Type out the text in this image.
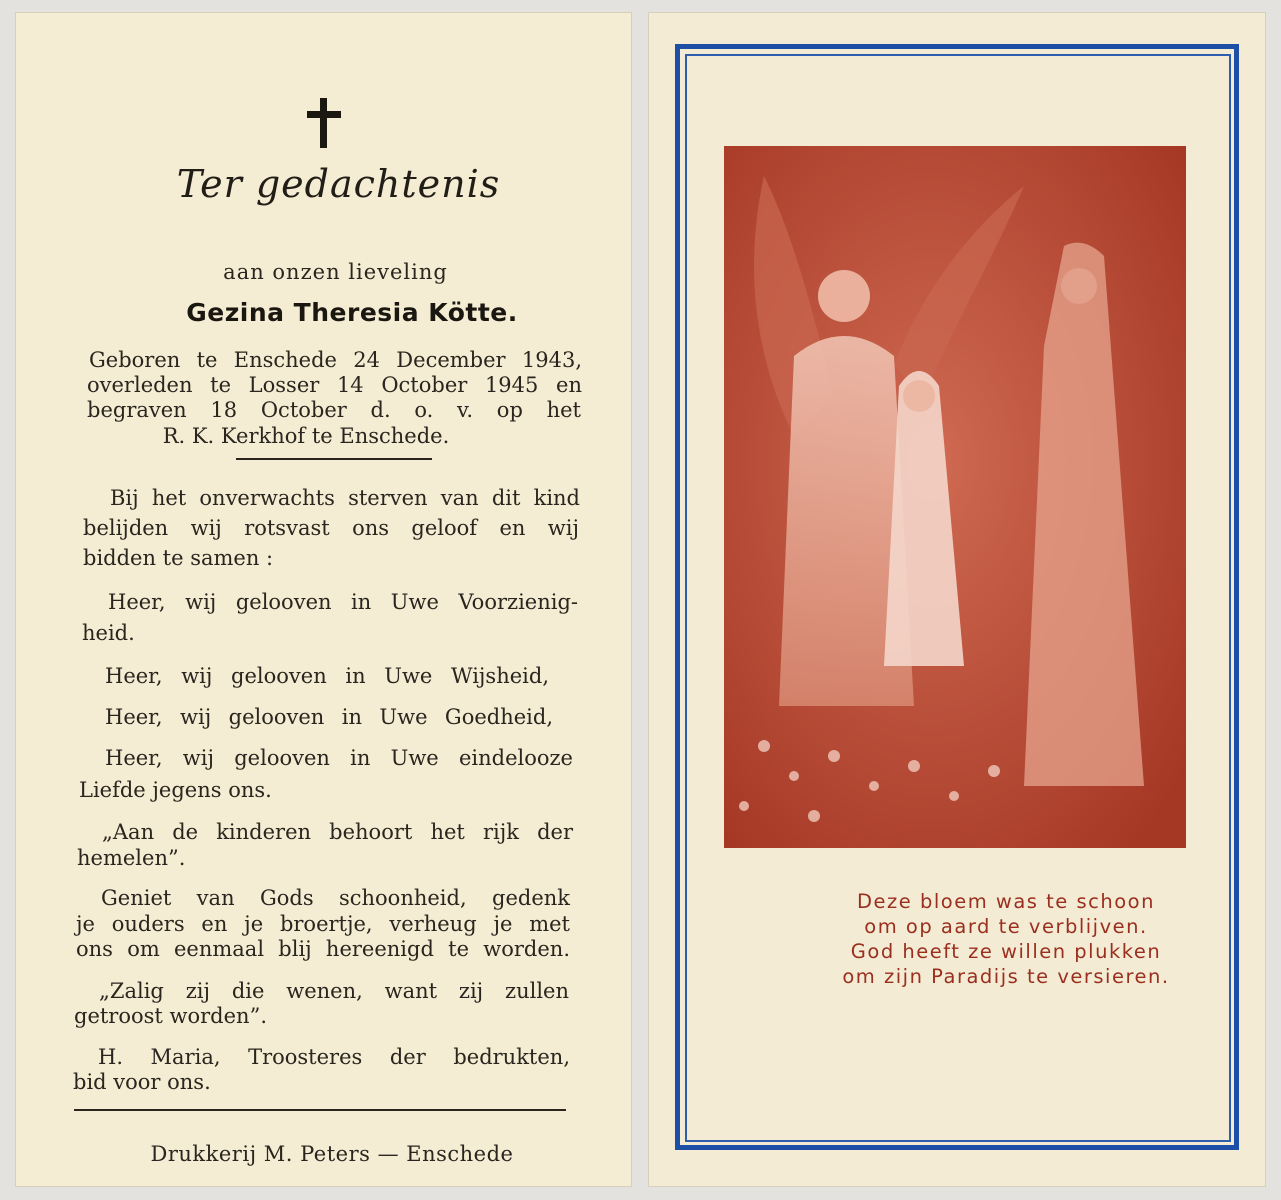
Ter gedachtenis
aan onzen lieveling
Gezina Theresia Kötte.
Geboren te Enschede 24 December 1943,
overleden te Losser 14 October 1945 en
begraven 18 October d. o. v. op het
R. K. Kerkhof te Enschede.
Bij het onverwachts sterven van dit kind
belijden wij rotsvast ons geloof en wij
bidden te samen :
Heer, wij gelooven in Uwe Voorzienig-
heid.
Heer, wij gelooven in Uwe Wijsheid,
Heer, wij gelooven in Uwe Goedheid,
Heer, wij gelooven in Uwe eindelooze
Liefde jegens ons.
„Aan de kinderen behoort het rijk der
hemelen”.
Geniet van Gods schoonheid, gedenk
je ouders en je broertje, verheug je met
ons om eenmaal blij hereenigd te worden.
„Zalig zij die wenen, want zij zullen
getroost worden”.
H. Maria, Troosteres der bedrukten,
bid voor ons.
Drukkerij M. Peters — Enschede
Deze bloem was te schoon
om op aard te verblijven.
God heeft ze willen plukken
om zijn Paradijs te versieren.
